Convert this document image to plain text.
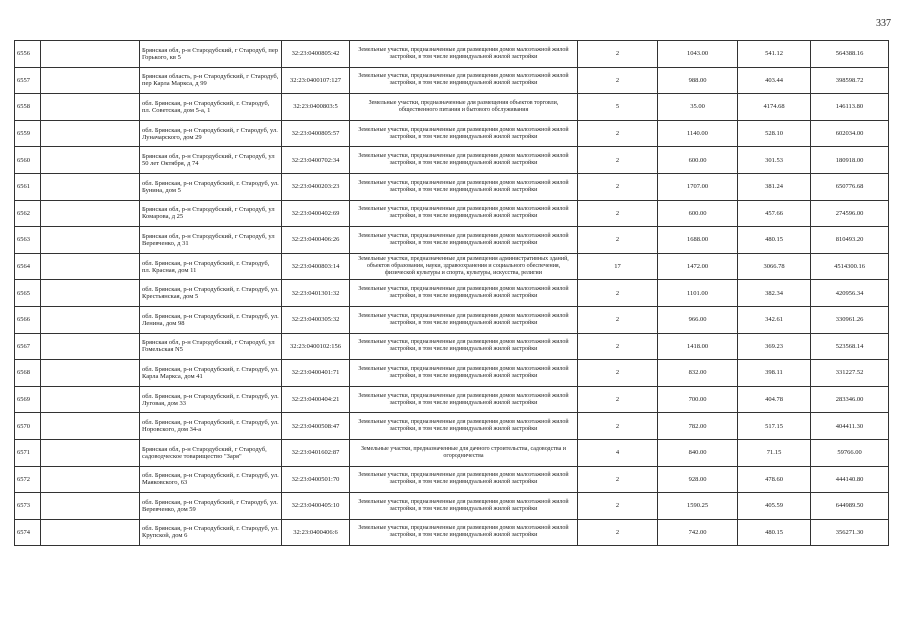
337
6556		Брянская обл, р-н Стародубский, г Стародуб, пер Горького, кв 5	32:23:0400805:42	Земельные участки, предназначенные для размещения домов малоэтажной жилой застройки, в том числе индивидуальной жилой застройки	2	1043.00	541.12	564388.16
6557		Брянская область, р-н Стародубский, г Стародуб, пер Карла Маркса, д 99	32:23:0400107:127	Земельные участки, предназначенные для размещения домов малоэтажной жилой застройки, в том числе индивидуальной жилой застройки	2	988.00	403.44	398598.72
6558		обл. Брянская, р-н Стародубский, г. Стародуб, пл. Советская, дом 5-а, 1	32:23:0400803:5	Земельные участки, предназначенные для размещения объектов торговли, общественного питания и бытового обслуживания	5	35.00	4174.68	146113.80
6559		обл. Брянская, р-н Стародубский, г Стародуб, ул. Луначарского, дом 29	32:23:0400805:57	Земельные участки, предназначенные для размещения домов малоэтажной жилой застройки, в том числе индивидуальной жилой застройки	2	1140.00	528.10	602034.00
6560		Брянская обл, р-н Стародубский, г Стародуб, ул 50 лет Октября, д 74	32:23:0400702:34	Земельные участки, предназначенные для размещения домов малоэтажной жилой застройки, в том числе индивидуальной жилой застройки	2	600.00	301.53	180918.00
6561		обл. Брянская, р-н Стародубский, г. Стародуб, ул. Бунина, дом 5	32:23:0400203:23	Земельные участки, предназначенные для размещения домов малоэтажной жилой застройки, в том числе индивидуальной жилой застройки	2	1707.00	381.24	650776.68
6562		Брянская обл, р-н Стародубский, г Стародуб, ул Комарова, д 25	32:23:0400402:69	Земельные участки, предназначенные для размещения домов малоэтажной жилой застройки, в том числе индивидуальной жилой застройки	2	600.00	457.66	274596.00
6563		Брянская обл, р-н Стародубский, г Стародуб, ул Веревченко, д 31	32:23:0400406:26	Земельные участки, предназначенные для размещения домов малоэтажной жилой застройки, в том числе индивидуальной жилой застройки	2	1688.00	480.15	810493.20
6564		обл. Брянская, р-н Стародубский, г. Стародуб, пл. Красная, дом 11	32:23:0400803:14	Земельные участки, предназначенные для размещения административных зданий, объектов образования, науки, здравоохранения и социального обеспечения, физической культуры и спорта, культуры, искусства, религии	17	1472.00	3066.78	4514300.16
6565		обл. Брянская, р-н Стародубский, г. Стародуб, ул. Крестьянская, дом 5	32:23:0401301:32	Земельные участки, предназначенные для размещения домов малоэтажной жилой застройки, в том числе индивидуальной жилой застройки	2	1101.00	382.34	420956.34
6566		обл. Брянская, р-н Стародубский, г. Стародуб, ул. Ленина, дом 98	32:23:0400305:32	Земельные участки, предназначенные для размещения домов малоэтажной жилой застройки, в том числе индивидуальной жилой застройки	2	966.00	342.61	330961.26
6567		Брянская обл, р-н Стародубский, г Стародуб, ул Гомельская N5	32:23:0400102:156	Земельные участки, предназначенные для размещения домов малоэтажной жилой застройки, в том числе индивидуальной жилой застройки	2	1418.00	369.23	523568.14
6568		обл. Брянская, р-н Стародубский, г. Стародуб, ул. Карла Маркса, дом 41	32:23:0400401:71	Земельные участки, предназначенные для размещения домов малоэтажной жилой застройки, в том числе индивидуальной жилой застройки	2	832.00	398.11	331227.52
6569		обл. Брянская, р-н Стародубский, г. Стародуб, ул. Луговая, дом 33	32:23:0400404:21	Земельные участки, предназначенные для размещения домов малоэтажной жилой застройки, в том числе индивидуальной жилой застройки	2	700.00	404.78	283346.00
6570		обл. Брянская, р-н Стародубский, г. Стародуб, ул. Норовского, дом 34-а	32:23:0400508:47	Земельные участки, предназначенные для размещения домов малоэтажной жилой застройки, в том числе индивидуальной жилой застройки	2	782.00	517.15	404411.30
6571		Брянская обл, р-н Стародубский, г Стародуб, садоводческое товарищество "Заря"	32:23:0401602:87	Земельные участки, предназначенные для дачного строительства, садоводства и огородничества	4	840.00	71.15	59766.00
6572		обл. Брянская, р-н Стародубский, г. Стародуб, ул. Маяковского, 63	32:23:0400501:70	Земельные участки, предназначенные для размещения домов малоэтажной жилой застройки, в том числе индивидуальной жилой застройки	2	928.00	478.60	444140.80
6573		обл. Брянская, р-н Стародубский, г Стародуб, ул. Веревченко, дом 59	32:23:0400405:10	Земельные участки, предназначенные для размещения домов малоэтажной жилой застройки, в том числе индивидуальной жилой застройки	2	1590.25	405.59	644989.50
6574		обл. Брянская, р-н Стародубский, г. Стародуб, ул. Крупской, дом 6	32:23:0400406:6	Земельные участки, предназначенные для размещения домов малоэтажной жилой застройки, в том числе индивидуальной жилой застройки	2	742.00	480.15	356271.30
